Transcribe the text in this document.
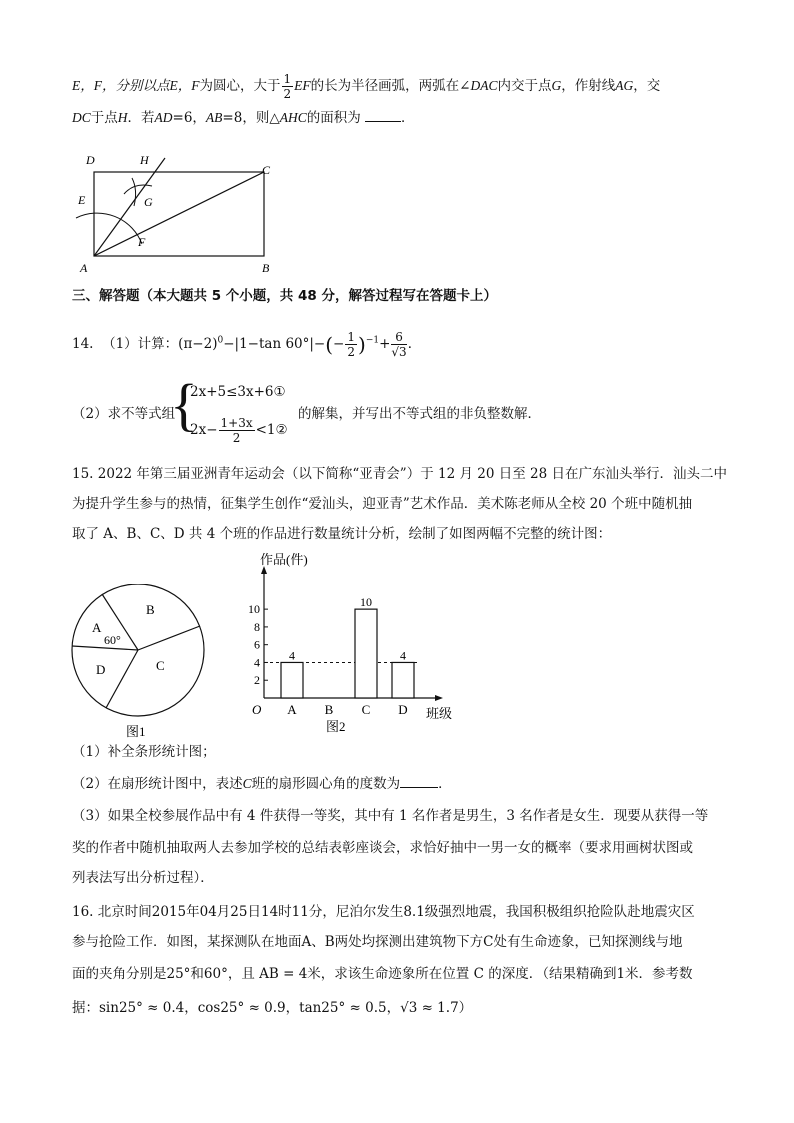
E，F，分别以点E，F为圆心，大于 $\frac{1}{2}$ EF的长为半径画弧，两弧在∠DAC内交于点G，作射线AG，交
DC于点H．若AD=6，AB=8，则△AHC的面积为	．
D	H
C
E	G
F
A	B
三、解答题（本大题共 5 个小题，共 48 分，解答过程写在答题卡上）
14. （1）计算：$(\pi-2)^0-|1-\tan$ $60^\circ|-(- \frac{1}{2} )^{-1}+ \frac{6}{√3}$ ．
（2）求不等式组
{
2x+5≤3x+6①
$2x- \frac{1+3x}{2}$ <1②
的解集，并写出不等式组的非负整数解．
15. 2022 年第三届亚洲青年运动会（以下简称“亚青会”）于 12 月 20 日至 28 日在广东汕头举行．汕头二中
为提升学生参与的热情，征集学生创作“爱汕头，迎亚青”艺术作品．美术陈老师从全校 20 个班中随机抽
取了 A、B、C、D 共 4 个班的作品进行数量统计分析，绘制了如图两幅不完整的统计图：
A
B
C
D
60°
图1
作品(件)
班级
O
2
4
6
8
10
4
A B
10
C
4
D
图2
（1）补全条形统计图；
（2）在扇形统计图中，表述C班的扇形圆心角的度数为	．
（3）如果全校参展作品中有 4 件获得一等奖，其中有 1 名作者是男生，3 名作者是女生．现要从获得一等
奖的作者中随机抽取两人去参加学校的总结表彰座谈会，求恰好抽中一男一女的概率（要求用画树状图或
列表法写出分析过程）．
16. 北京时间2015年04月25日14时11分，尼泊尔发生8.1级强烈地震，我国积极组织抢险队赴地震灾区
参与抢险工作．如图，某探测队在地面A、B两处均探测出建筑物下方C处有生命迹象，已知探测线与地
面的夹角分别是25°和60°，且 AB = 4米，求该生命迹象所在位置 C 的深度．（结果精确到1米．参考数
据：sin25° ≈ 0.4，cos25° ≈ 0.9，tan25° ≈ 0.5，√3 ≈ 1.7）
